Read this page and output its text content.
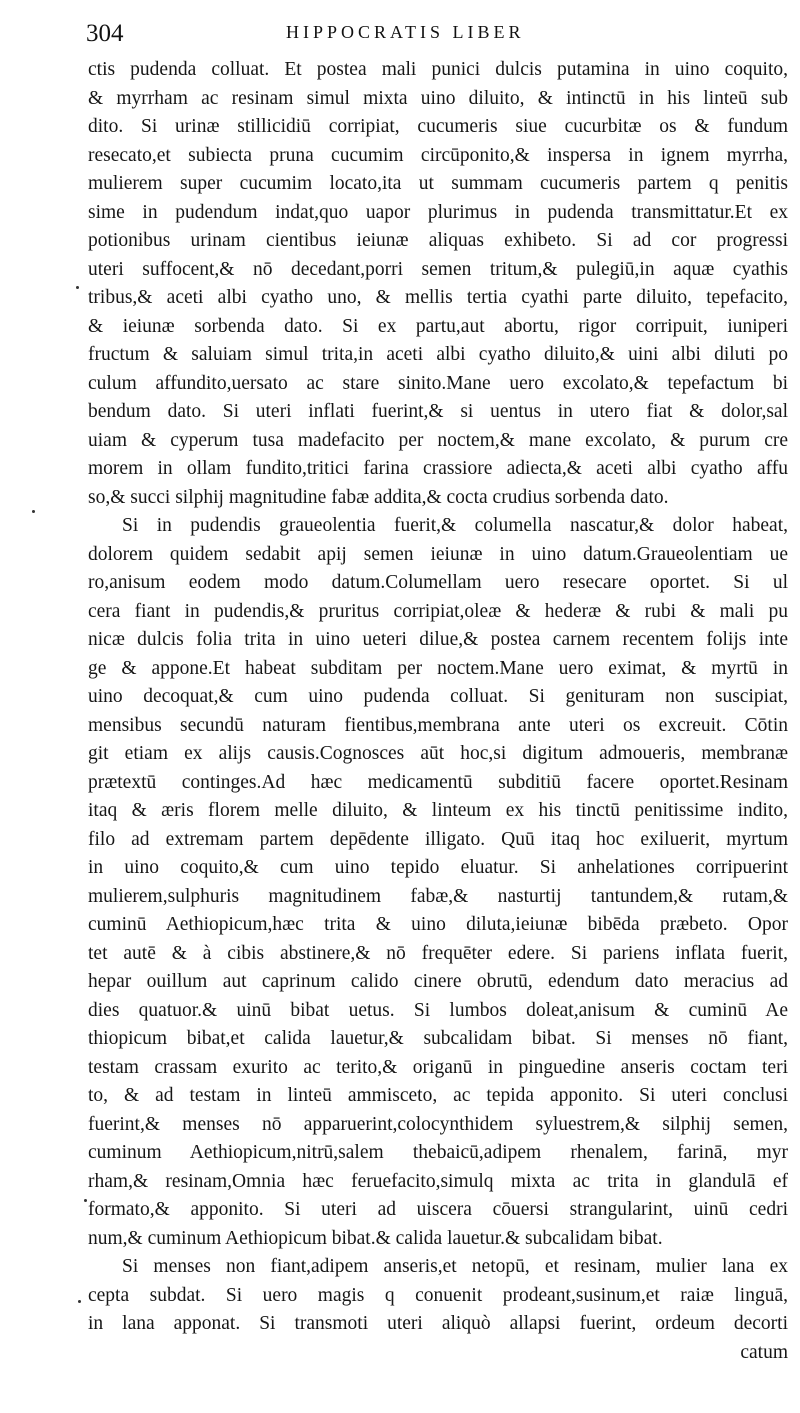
304	HIPPOCRATIS LIBER
ctis pudenda colluat. Et postea mali punici dulcis putamina in uino coquito,
& myrrham ac resinam simul mixta uino diluito, & intinctū in his linteū sub
dito. Si urinæ stillicidiū corripiat, cucumeris siue cucurbitæ os & fundum
resecato,et subiecta pruna cucumim circūponito,& inspersa in ignem myrrha,
mulierem super cucumim locato,ita ut summam cucumeris partem q penitis
sime in pudendum indat,quo uapor plurimus in pudenda transmittatur.Et ex
potionibus urinam cientibus ieiunæ aliquas exhibeto. Si ad cor progressi
uteri suffocent,& nō decedant,porri semen tritum,& pulegiū,in aquæ cyathis
tribus,& aceti albi cyatho uno, & mellis tertia cyathi parte diluito, tepefacito,
& ieiunæ sorbenda dato. Si ex partu,aut abortu, rigor corripuit, iuniperi
fructum & saluiam simul trita,in aceti albi cyatho diluito,& uini albi diluti po
culum affundito,uersato ac stare sinito.Mane uero excolato,& tepefactum bi
bendum dato. Si uteri inflati fuerint,& si uentus in utero fiat & dolor,sal
uiam & cyperum tusa madefacito per noctem,& mane excolato, & purum cre
morem in ollam fundito,tritici farina crassiore adiecta,& aceti albi cyatho affu
so,& succi silphij magnitudine fabæ addita,& cocta crudius sorbenda dato.
Si in pudendis graueolentia fuerit,& columella nascatur,& dolor habeat,
dolorem quidem sedabit apij semen ieiunæ in uino datum.Graueolentiam ue
ro,anisum eodem modo datum.Columellam uero resecare oportet. Si ul
cera fiant in pudendis,& pruritus corripiat,oleæ & hederæ & rubi & mali pu
nicæ dulcis folia trita in uino ueteri dilue,& postea carnem recentem folijs inte
ge & appone.Et habeat subditam per noctem.Mane uero eximat, & myrtū in
uino decoquat,& cum uino pudenda colluat. Si genituram non suscipiat,
mensibus secundū naturam fientibus,membrana ante uteri os excreuit. Cōtin
git etiam ex alijs causis.Cognosces aūt hoc,si digitum admoueris, membranæ
prætextū continges.Ad hæc medicamentū subditiū facere oportet.Resinam
itaq & æris florem melle diluito, & linteum ex his tinctū penitissime indito,
filo ad extremam partem depēdente illigato. Quū itaq hoc exiluerit, myrtum
in uino coquito,& cum uino tepido eluatur. Si anhelationes corripuerint
mulierem,sulphuris magnitudinem fabæ,& nasturtij tantundem,& rutam,&
cuminū Aethiopicum,hæc trita & uino diluta,ieiunæ bibēda præbeto. Opor
tet autē & à cibis abstinere,& nō frequēter edere. Si pariens inflata fuerit,
hepar ouillum aut caprinum calido cinere obrutū, edendum dato meracius ad
dies quatuor.& uinū bibat uetus. Si lumbos doleat,anisum & cuminū Ae
thiopicum bibat,et calida lauetur,& subcalidam bibat. Si menses nō fiant,
testam crassam exurito ac terito,& origanū in pinguedine anseris coctam teri
to, & ad testam in linteū ammisceto, ac tepida apponito. Si uteri conclusi
fuerint,& menses nō apparuerint,colocynthidem syluestrem,& silphij semen,
cuminum Aethiopicum,nitrū,salem thebaicū,adipem rhenalem, farinā, myr
rham,& resinam,Omnia hæc feruefacito,simulq mixta ac trita in glandulā ef
formato,& apponito. Si uteri ad uiscera cōuersi strangularint, uinū cedri
num,& cuminum Aethiopicum bibat.& calida lauetur.& subcalidam bibat.
Si menses non fiant,adipem anseris,et netopū, et resinam, mulier lana ex
cepta subdat. Si uero magis q conuenit prodeant,susinum,et raiæ linguā,
in lana apponat. Si transmoti uteri aliquò allapsi fuerint, ordeum decorti
catum
